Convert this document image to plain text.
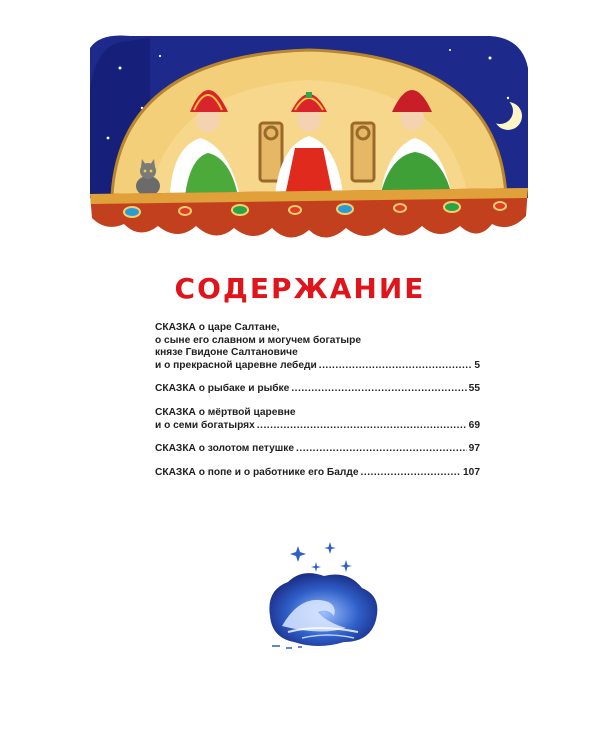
СОДЕРЖАНИЕ
СКАЗКА о царе Салтане,
о сыне его славном и могучем богатыре
князе Гвидоне Салтановиче
и о прекрасной царевне лебеди .....	5
СКАЗКА о рыбаке и рыбке .....	55
СКАЗКА о мёртвой царевне
и о семи богатырях .....	69
СКАЗКА о золотом петушке .....	97
СКАЗКА о попе и о работнике его Балде .....	107
